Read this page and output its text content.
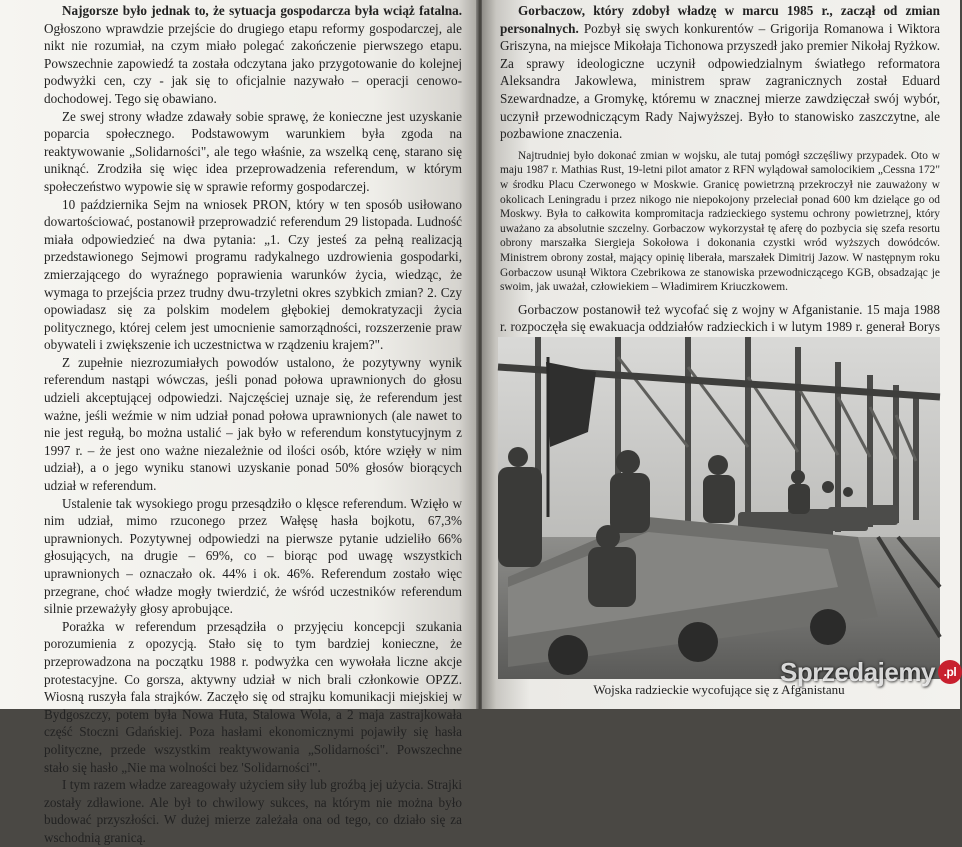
Najgorsze było jednak to, że sytuacja gospodarcza była wciąż fatalna. Ogłoszono wprawdzie przejście do drugiego etapu reformy gospodarczej, ale nikt nie rozumiał, na czym miało polegać zakończenie pierwszego etapu. Powszechnie zapowiedź ta została odczytana jako przygotowanie do kolejnej podwyżki cen, czy - jak się to oficjalnie nazywało – operacji cenowo-dochodowej. Tego się obawiano.

Ze swej strony władze zdawały sobie sprawę, że konieczne jest uzyskanie poparcia społecznego. Podstawowym warunkiem była zgoda na reaktywowanie „Solidarności", ale tego właśnie, za wszelką cenę, starano się uniknąć. Zrodziła się więc idea przeprowadzenia referendum, w którym społeczeństwo wypowie się w sprawie reformy gospodarczej.

10 października Sejm na wniosek PRON, który w ten sposób usiłowano dowartościować, postanowił przeprowadzić referendum 29 listopada. Ludność miała odpowiedzieć na dwa pytania: „1. Czy jesteś za pełną realizacją przedstawionego Sejmowi programu radykalnego uzdrowienia gospodarki, zmierzającego do wyraźnego poprawienia warunków życia, wiedząc, że wymaga to przejścia przez trudny dwu-trzyletni okres szybkich zmian? 2. Czy opowiadasz się za polskim modelem głębokiej demokratyzacji życia politycznego, której celem jest umocnienie samorządności, rozszerzenie praw obywateli i zwiększenie ich uczestnictwa w rządzeniu krajem?".

Z zupełnie niezrozumiałych powodów ustalono, że pozytywny wynik referendum nastąpi wówczas, jeśli ponad połowa uprawnionych do głosu udzieli akceptującej odpowiedzi. Najczęściej uznaje się, że referendum jest ważne, jeśli weźmie w nim udział ponad połowa uprawnionych (ale nawet to nie jest regułą, bo można ustalić – jak było w referendum konstytucyjnym z 1997 r. – że jest ono ważne niezależnie od ilości osób, które wzięły w nim udział), a o jego wyniku stanowi uzyskanie ponad 50% głosów biorących udział w referendum.

Ustalenie tak wysokiego progu przesądziło o klęsce referendum. Wzięło w nim udział, mimo rzuconego przez Wałęsę hasła bojkotu, 67,3% uprawnionych. Pozytywnej odpowiedzi na pierwsze pytanie udzieliło 66% głosujących, na drugie – 69%, co – biorąc pod uwagę wszystkich uprawnionych – oznaczało ok. 44% i ok. 46%. Referendum zostało więc przegrane, choć władze mogły twierdzić, że wśród uczestników referendum silnie przeważyły głosy aprobujące.

Porażka w referendum przesądziła o przyjęciu koncepcji szukania porozumienia z opozycją. Stało się to tym bardziej konieczne, że przeprowadzona na początku 1988 r. podwyżka cen wywołała liczne akcje protestacyjne. Co gorsza, aktywny udział w nich brali członkowie OPZZ. Wiosną ruszyła fala strajków. Zaczęło się od strajku komunikacji miejskiej w Bydgoszczy, potem była Nowa Huta, Stalowa Wola, a 2 maja zastrajkowała część Stoczni Gdańskiej. Poza hasłami ekonomicznymi pojawiły się hasła polityczne, przede wszystkim reaktywowania „Solidarności". Powszechne stało się hasło „Nie ma wolności bez 'Solidarności'".

I tym razem władze zareagowały użyciem siły lub groźbą jej użycia. Strajki zostały zdławione. Ale był to chwilowy sukces, na którym nie można było budować przyszłości. W dużej mierze zależała ona od tego, co działo się za wschodnią granicą.

Gorbaczow, który zdobył władzę w marcu 1985 r., zaczął od zmian personalnych. Pozbył się swych konkurentów – Grigorija Romanowa i Wiktora Griszyna, na miejsce Mikołaja Tichonowa przyszedł jako premier Nikołaj Ryżkow. Za sprawy ideologiczne uczynił odpowiedzialnym światłego reformatora Aleksandra Jakowlewa, ministrem spraw zagranicznych został Eduard Szewardnadze, a Gromykę, któremu w znacznej mierze zawdzięczał swój wybór, uczynił przewodniczącym Rady Najwyższej. Było to stanowisko zaszczytne, ale pozbawione znaczenia.

Najtrudniej było dokonać zmian w wojsku, ale tutaj pomógł szczęśliwy przypadek. Oto w maju 1987 r. Mathias Rust, 19-letni pilot amator z RFN wylądował samolocikiem „Cessna 172" w środku Placu Czerwonego w Moskwie. Granicę powietrzną przekroczył nie zauważony w okolicach Leningradu i przez nikogo nie niepokojony przeleciał ponad 600 km dzielące go od Moskwy. Była to całkowita kompromitacja radzieckiego systemu ochrony powietrznej, który uważano za absolutnie szczelny. Gorbaczow wykorzystał tę aferę do pozbycia się szefa resortu obrony marszałka Siergieja Sokołowa i dokonania czystki wród wyższych dowódców. Ministrem obrony został, mający opinię liberała, marszałek Dimitrij Jazow. W następnym roku Gorbaczow usunął Wiktora Czebrikowa ze stanowiska przewodniczącego KGB, obsadzając je swoim, jak uważał, człowiekiem – Władimirem Kriuczkowem.

Gorbaczow postanowił też wycofać się z wojny w Afganistanie. 15 maja 1988 r. rozpoczęła się ewakuacja oddziałów radzieckich i w lutym 1989 r. generał Borys

Wojska radzieckie wycofujące się z Afganistanu
Sprzedajemy .pl
